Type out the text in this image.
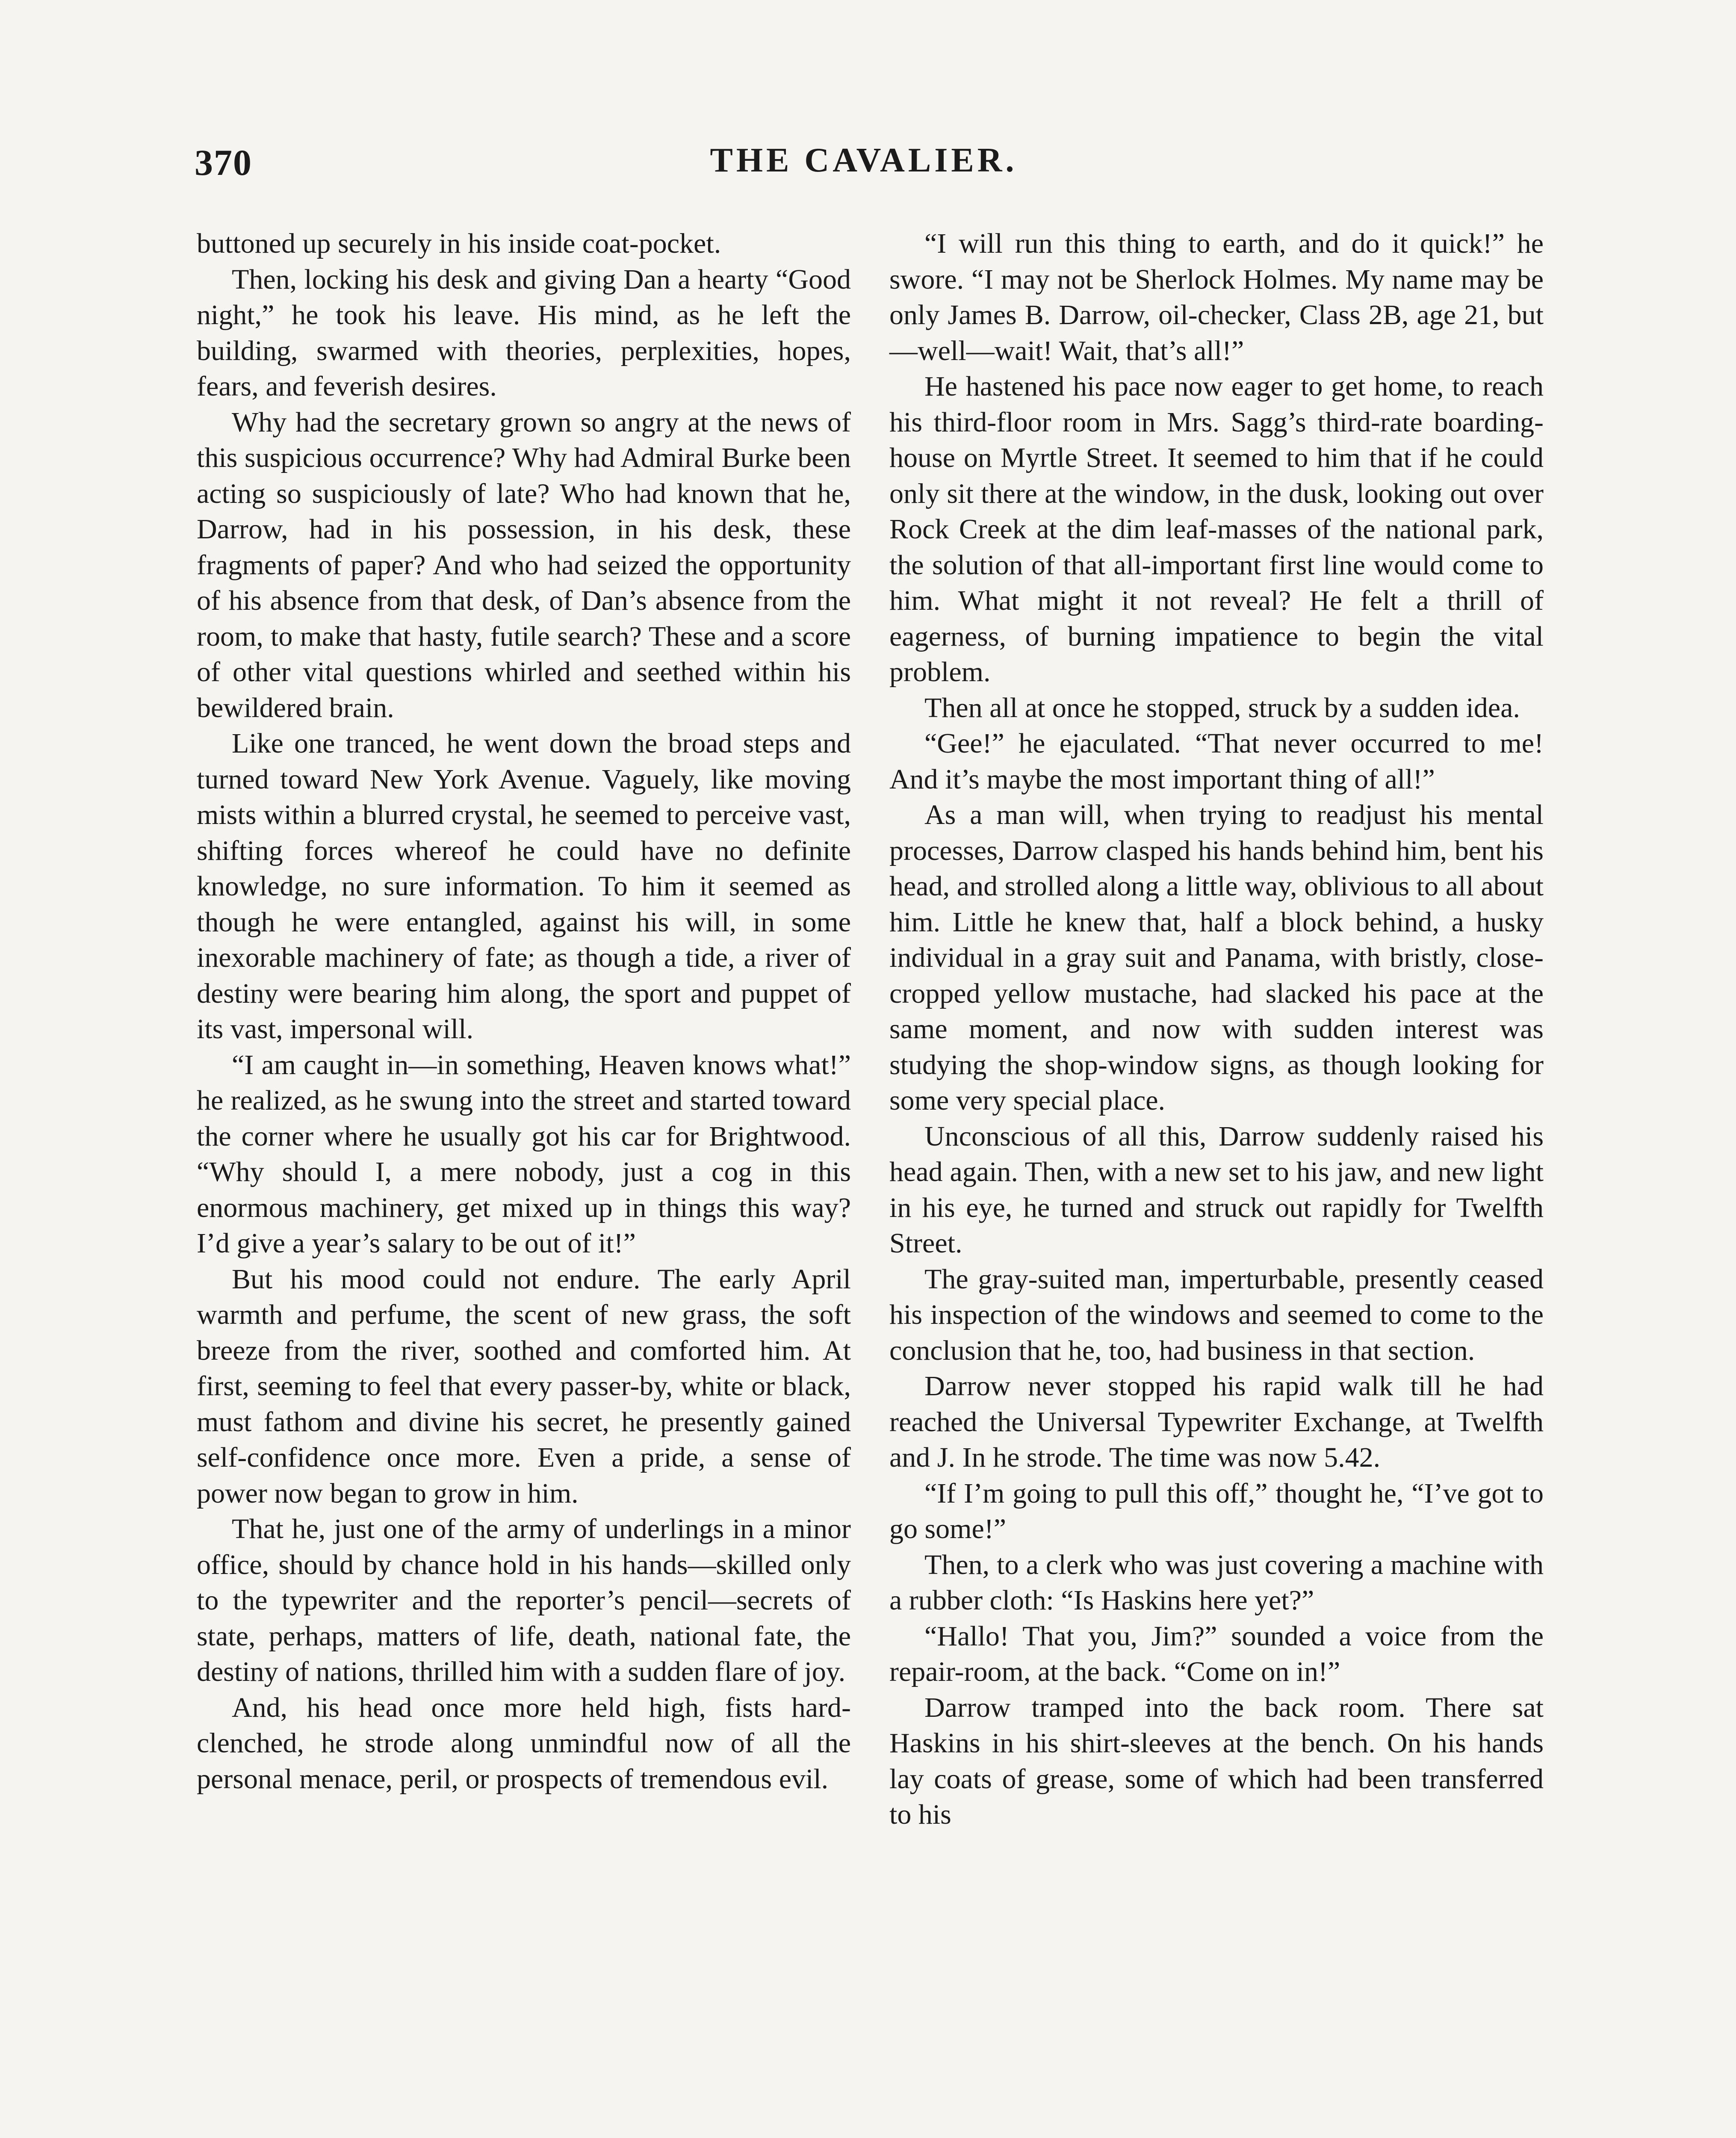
370	THE CAVALIER.

buttoned up securely in his inside coat-pocket.

Then, locking his desk and giving Dan a hearty “Good night,” he took his leave. His mind, as he left the building, swarmed with theories, perplexities, hopes, fears, and feverish desires.

Why had the secretary grown so angry at the news of this suspicious occurrence? Why had Admiral Burke been acting so suspiciously of late? Who had known that he, Darrow, had in his possession, in his desk, these fragments of paper? And who had seized the opportunity of his absence from that desk, of Dan’s absence from the room, to make that hasty, futile search? These and a score of other vital questions whirled and seethed within his bewildered brain.

Like one tranced, he went down the broad steps and turned toward New York Avenue. Vaguely, like moving mists within a blurred crystal, he seemed to perceive vast, shifting forces whereof he could have no definite knowledge, no sure information. To him it seemed as though he were entangled, against his will, in some inexorable machinery of fate; as though a tide, a river of destiny were bearing him along, the sport and puppet of its vast, impersonal will.

“I am caught in—in something, Heaven knows what!” he realized, as he swung into the street and started toward the corner where he usually got his car for Brightwood. “Why should I, a mere nobody, just a cog in this enormous machinery, get mixed up in things this way? I’d give a year’s salary to be out of it!”

But his mood could not endure. The early April warmth and perfume, the scent of new grass, the soft breeze from the river, soothed and comforted him. At first, seeming to feel that every passer-by, white or black, must fathom and divine his secret, he presently gained self-confidence once more. Even a pride, a sense of power now began to grow in him.

That he, just one of the army of underlings in a minor office, should by chance hold in his hands—skilled only to the typewriter and the reporter’s pencil—secrets of state, perhaps, matters of life, death, national fate, the destiny of nations, thrilled him with a sudden flare of joy.

And, his head once more held high, fists hard-clenched, he strode along unmindful now of all the personal menace, peril, or prospects of tremendous evil.

“I will run this thing to earth, and do it quick!” he swore. “I may not be Sherlock Holmes. My name may be only James B. Darrow, oil-checker, Class 2B, age 21, but —well—wait! Wait, that’s all!”

He hastened his pace now eager to get home, to reach his third-floor room in Mrs. Sagg’s third-rate boarding-house on Myrtle Street. It seemed to him that if he could only sit there at the window, in the dusk, looking out over Rock Creek at the dim leaf-masses of the national park, the solution of that all-important first line would come to him. What might it not reveal? He felt a thrill of eagerness, of burning impatience to begin the vital problem.

Then all at once he stopped, struck by a sudden idea.

“Gee!” he ejaculated. “That never occurred to me! And it’s maybe the most important thing of all!”

As a man will, when trying to readjust his mental processes, Darrow clasped his hands behind him, bent his head, and strolled along a little way, oblivious to all about him. Little he knew that, half a block behind, a husky individual in a gray suit and Panama, with bristly, close-cropped yellow mustache, had slacked his pace at the same moment, and now with sudden interest was studying the shop-window signs, as though looking for some very special place.

Unconscious of all this, Darrow suddenly raised his head again. Then, with a new set to his jaw, and new light in his eye, he turned and struck out rapidly for Twelfth Street.

The gray-suited man, imperturbable, presently ceased his inspection of the windows and seemed to come to the conclusion that he, too, had business in that section.

Darrow never stopped his rapid walk till he had reached the Universal Typewriter Exchange, at Twelfth and J. In he strode. The time was now 5.42.

“If I’m going to pull this off,” thought he, “I’ve got to go some!”

Then, to a clerk who was just covering a machine with a rubber cloth: “Is Haskins here yet?”

“Hallo! That you, Jim?” sounded a voice from the repair-room, at the back. “Come on in!”

Darrow tramped into the back room. There sat Haskins in his shirt-sleeves at the bench. On his hands lay coats of grease, some of which had been transferred to his
